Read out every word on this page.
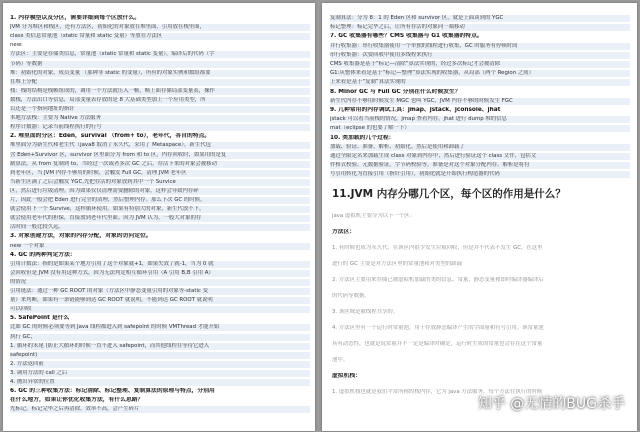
1. 内存模型以及分区，需要详细到每个区放什么。
JVM 分为堆区和栈区，还有方法区，初始化的对象放在堆里面，引用放在栈里面，
class 类信息常量池（static 常量和 static 变量）等放在方法区
new:
方法区：主要是存储类信息，常量池（static 常量和 static 变量），编译后的代码（字
节码）等数据
堆：初始化的对象，成员变量 （那种非 static 的变量），所有的对象实例和数组都要
在堆上分配
栈：栈的结构是栈帧组成的，调用一个方法就压入一帧，帧上面存储局部变量表，操作
数栈，方法出口等信息，局部变量表存放的是 8 大基础类型加上一个应用类型，所
以还是一个指向地址的指针
本地方法栈：主要为 Native 方法服务
程序计数器：记录当前线程执行的行号
2. 堆里面的分区：Eden，survival （from+ to），老年代，各自的特点。
堆里面分为新生代和老生代（java8 取消了永久代，采用了 Metaspace），新生代包
含 Eden+Survivor 区，survivor 区里面分为 from 和 to 区，内存回收时，如果用的是复
制算法，从 from 复制到 to，当经过一次或者多次 GC 之后，存活下来的对象会被移动
到老年区，当 JVM 内存不够用的时候，会触发 Full GC，清理 JVM 老年区
当新生区满了之后会触发 YGC,先把存活的对象放到其中一个 Survice
区，然后进行垃圾清理。因为如果仅仅清理需要删除的对象，这样会导致内存碎
片，因此一般会把 Eden 进行完全的清理，然后整理内存。那么下次 GC 的时候，
就会使用下一个 Survive，这样循环使用。如果有特别大的对象，新生代放不下，
就会使用老年代的担保，直接放到老年代里面。因为 JVM 认为，一般大对象的存
活时间一般比较久远。
3. 对象创建方法，对象的内存分配，对象的访问定位。
new 一个对象
4. GC 的两种判定方法：
引用计数法：指的是如果某个地方引用了这个对象就+1，如果失效了就-1，当为 0 就
会回收但是 JVM 没有用这种方式，因为无法判定相互循环引用（A 引用 B,B 引用 A）
的情况
引用链法：通过一种 GC ROOT 的对象（方法区中静态变量引用的对象等-static 变
量）来判断，如果有一条链能够到达 GC ROOT 就说明，不能到达 GC ROOT 就说明
可以回收
5. SafePoint 是什么
比如 GC 的时候必须要等到 Java 线程都进入到 safepoint 的时候 VMThread 才能开始
执行 GC，
1. 循环的末尾 (防止大循环的时候一直不进入 safepoint，而其他线程在等待它进入
safepoint)
2. 方法返回前
3. 调用方法的 call 之后
4. 抛出异常的位置
6. GC 的三种收集方法：标记清除、标记整理、复制算法的原理与特点，分别用
在什么地方，如果让你优化收集方法，有什么思路？
先标记，标记完毕之后再清除，效率不高，会产生碎片
11.JVM 内存分哪几个区，每个区的作用是什么？
知乎 @无情的BUG杀手
复制算法：分为 8：1 的 Eden 区和 survivor 区，就是上面谈到的 YGC
标记整理：标记完毕之后，让所有存活的对象向一端移动
7. GC 收集器有哪些？CMS 收集器与 G1 收集器的特点。
并行收集器：串行收集器使用一个单独的线程进行收集，GC 时服务有停顿时间
串行收集器：次要回收中使用多线程来执行
CMS 收集器是基于“标记—清除”算法实现的，经过多次标记才会被清除
G1:从整体来看是基于“标记—整理”算法实现的收集器，从局部（两个 Region 之间）
上来看是基于“复制”算法实现的
8. Minor GC 与 Full GC 分别在什么时候发生？
新生代内存不够用时候发生 MGC 也叫 YGC，JVM 内存不够的时候发生 FGC
9. 几种常用的内存调试工具：jmap、jstack、jconsole、jhat
jstack 可以看当前栈的情况，jmap 查看内存，jhat 进行 dump 堆的信息
mat（eclipse 的也要了解一下）
10. 类加载的几个过程：
加载、验证、准备、解析、初始化。然后是使用和卸载了
通过全限定名来加载生成 class 对象到内存中，然后进行验证这个 class 文件，包括文
件格式校验、元数据验证，字节码校验等。准备是对这个对象分配内存。解析是将符
号引用转化为直接引用（指针引用），初始化就是开始执行构造器的代码
java 虚拟机主要分为以下一个区：
方法区：
1. 有时候也成为永久代，在该区内很少发生垃圾回收，但是并不代表不发生 GC，在这里
进行的 GC 主要是对方法区里的常量池和对类型的卸载
2. 方法区主要用来存储已被虚拟机加载的类的信息、常量、静态变量和即时编译器编译后
的代码等数据。
3. 该区域是被线程共享的。
4. 方法区里有一个运行时常量池，用于存放静态编译产生的字面量和符号引用。该常量池
具有动态性，也就是说常量并不一定是编译时确定，运行时生成的常量也会存在这个常量
池中。
虚拟机栈：
1. 虚拟机栈也就是我们平常所称的栈内存，它为 java 方法服务，每个方法在执行的时候
